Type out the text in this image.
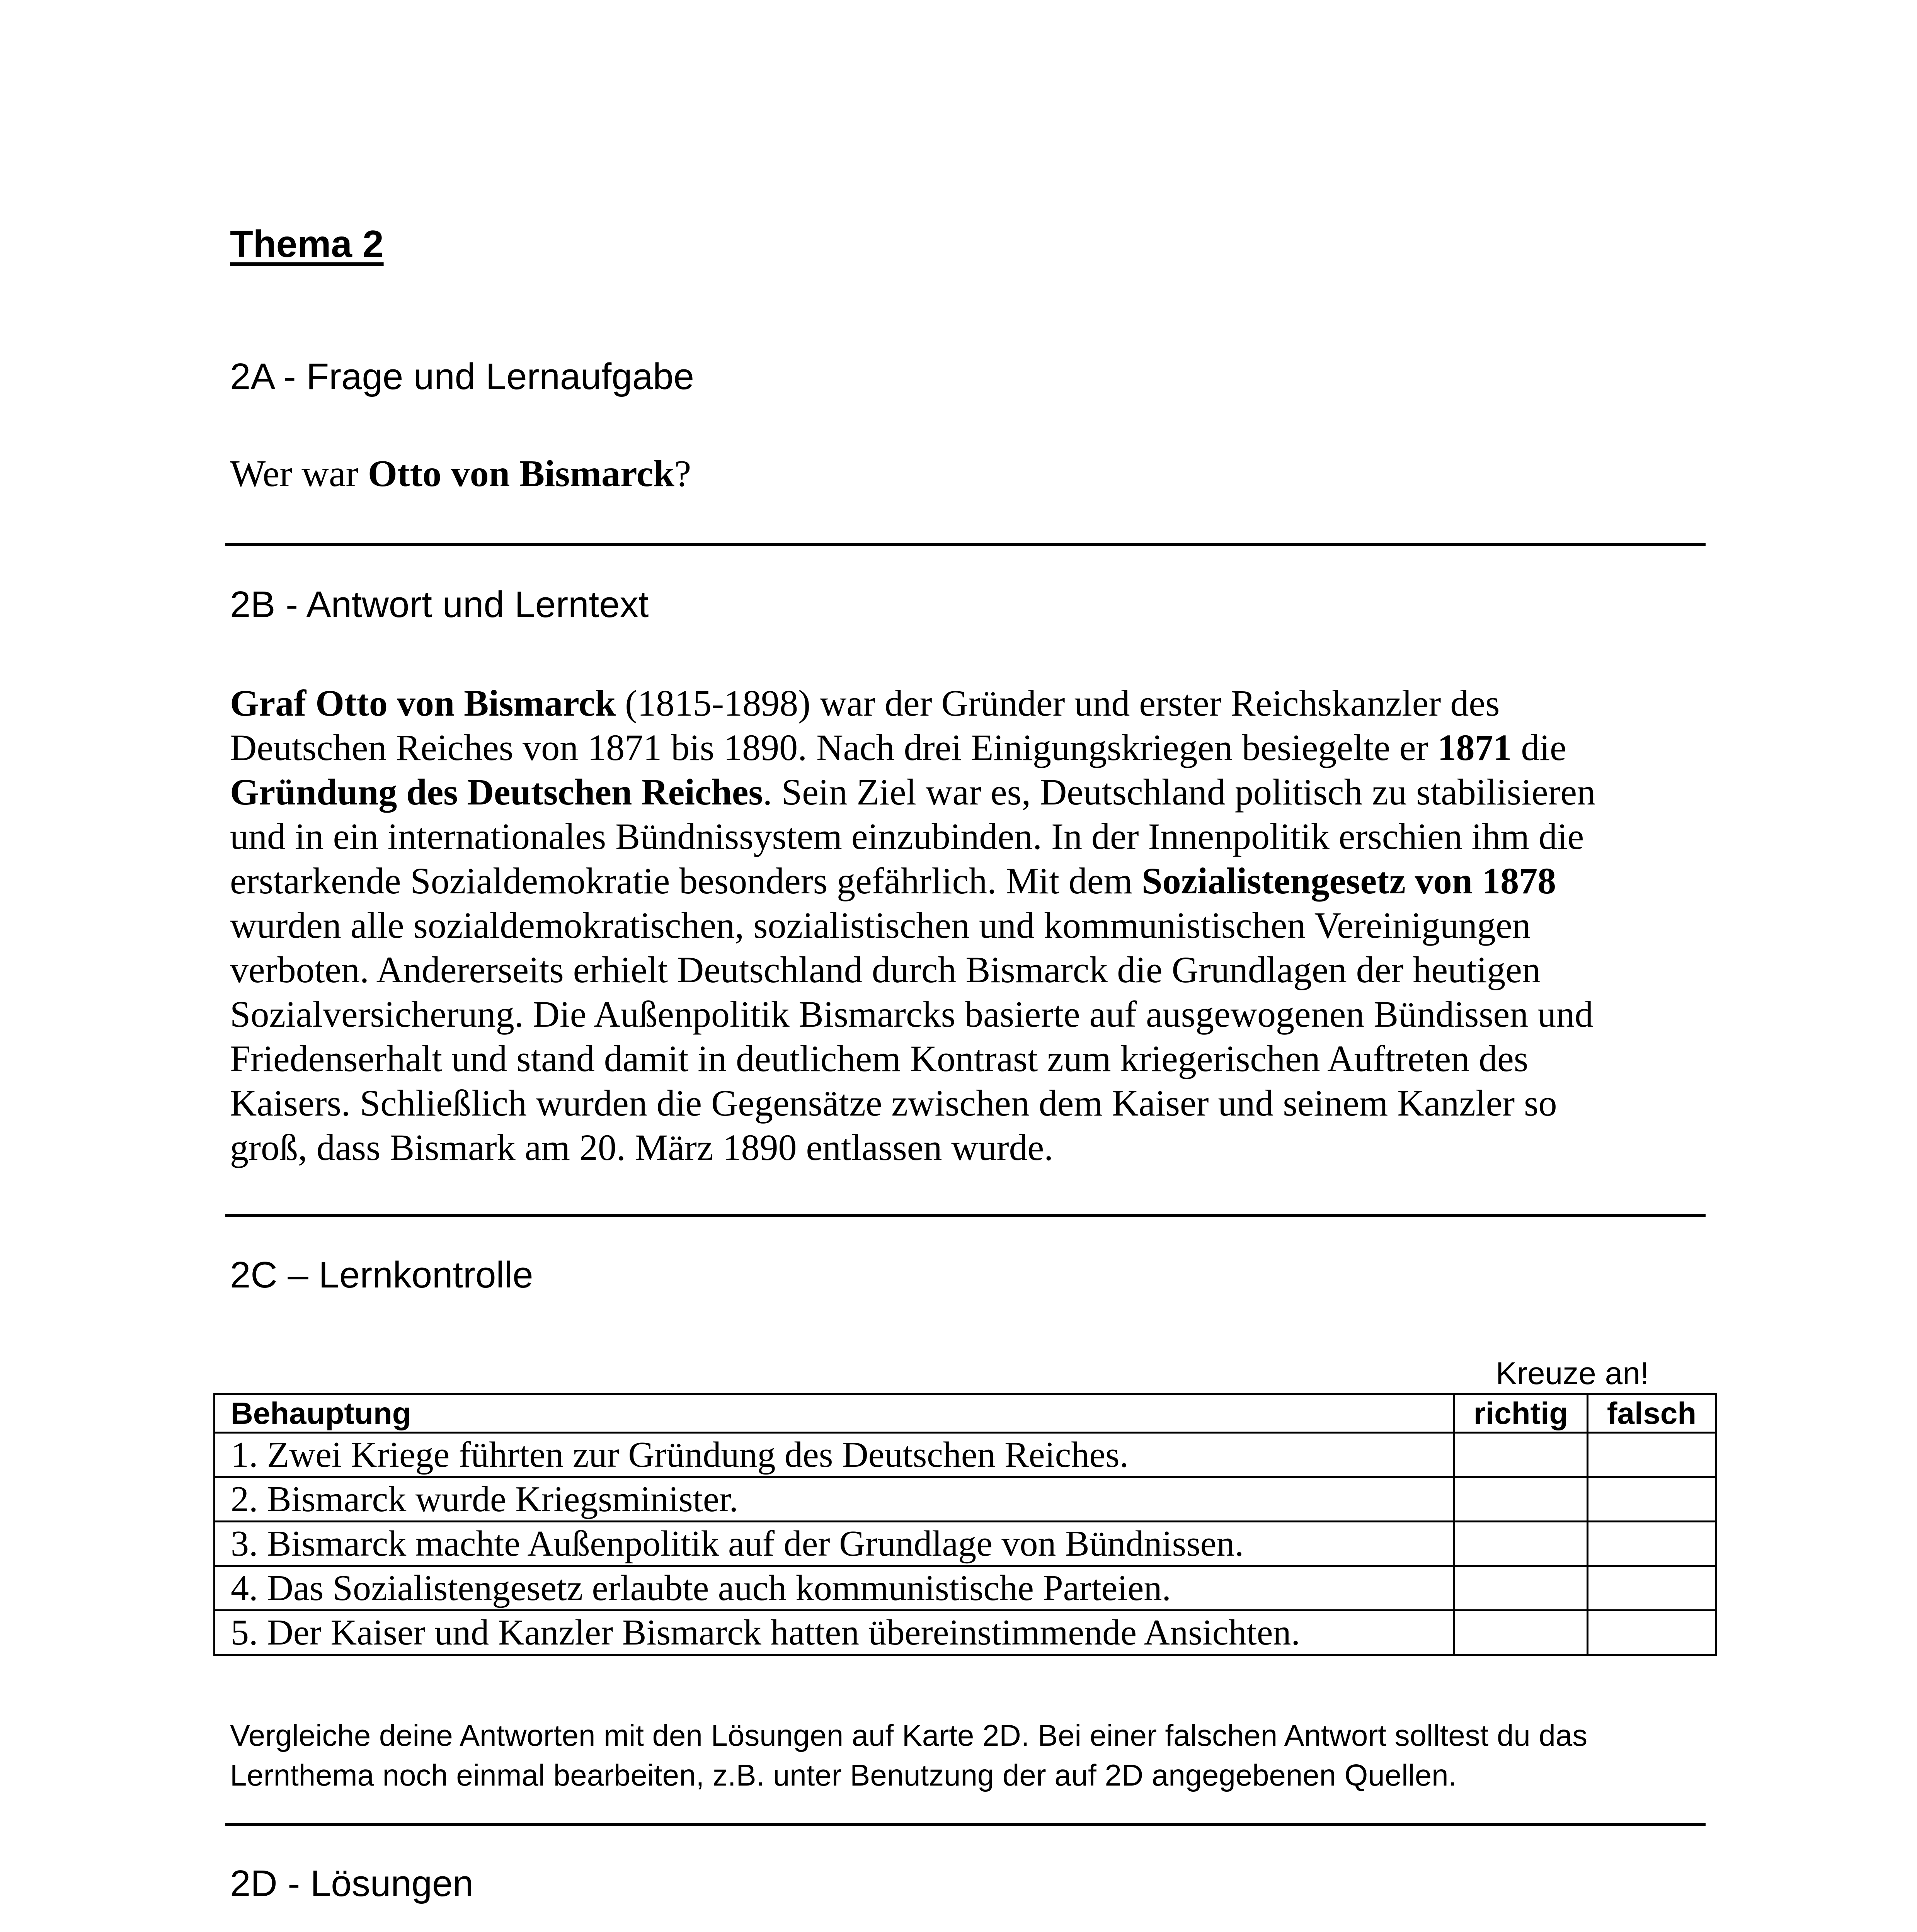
Thema 2
2A - Frage und Lernaufgabe
Wer war Otto von Bismarck?
2B - Antwort und Lerntext

Graf Otto von Bismarck (1815-1898) war der Gründer und erster Reichskanzler des

Deutschen Reiches von 1871 bis 1890. Nach drei Einigungskriegen besiegelte er 1871 die

Gründung des Deutschen Reiches. Sein Ziel war es, Deutschland politisch zu stabilisieren

und in ein internationales Bündnissystem einzubinden. In der Innenpolitik erschien ihm die

erstarkende Sozialdemokratie besonders gefährlich. Mit dem Sozialistengesetz von 1878

wurden alle sozialdemokratischen, sozialistischen und kommunistischen Vereinigungen

verboten. Andererseits erhielt Deutschland durch Bismarck die Grundlagen der heutigen

Sozialversicherung. Die Außenpolitik Bismarcks basierte auf ausgewogenen Bündissen und

Friedenserhalt und stand damit in deutlichem Kontrast zum kriegerischen Auftreten des

Kaisers. Schließlich wurden die Gegensätze zwischen dem Kaiser und seinem Kanzler so

groß, dass Bismark am 20. März 1890 entlassen wurde.

2C – Lernkontrolle
Kreuze an!
Behauptung	richtig	falsch
1. Zwei Kriege führten zur Gründung des Deutschen Reiches.		
2. Bismarck wurde Kriegsminister.		
3. Bismarck machte Außenpolitik auf der Grundlage von Bündnissen.		
4. Das Sozialistengesetz erlaubte auch kommunistische Parteien.		
5. Der Kaiser und Kanzler Bismarck hatten übereinstimmende Ansichten.		

Vergleiche deine Antworten mit den Lösungen auf Karte 2D. Bei einer falschen Antwort solltest du das

Lernthema noch einmal bearbeiten, z.B. unter Benutzung der auf 2D angegebenen Quellen.

2D - Lösungen
